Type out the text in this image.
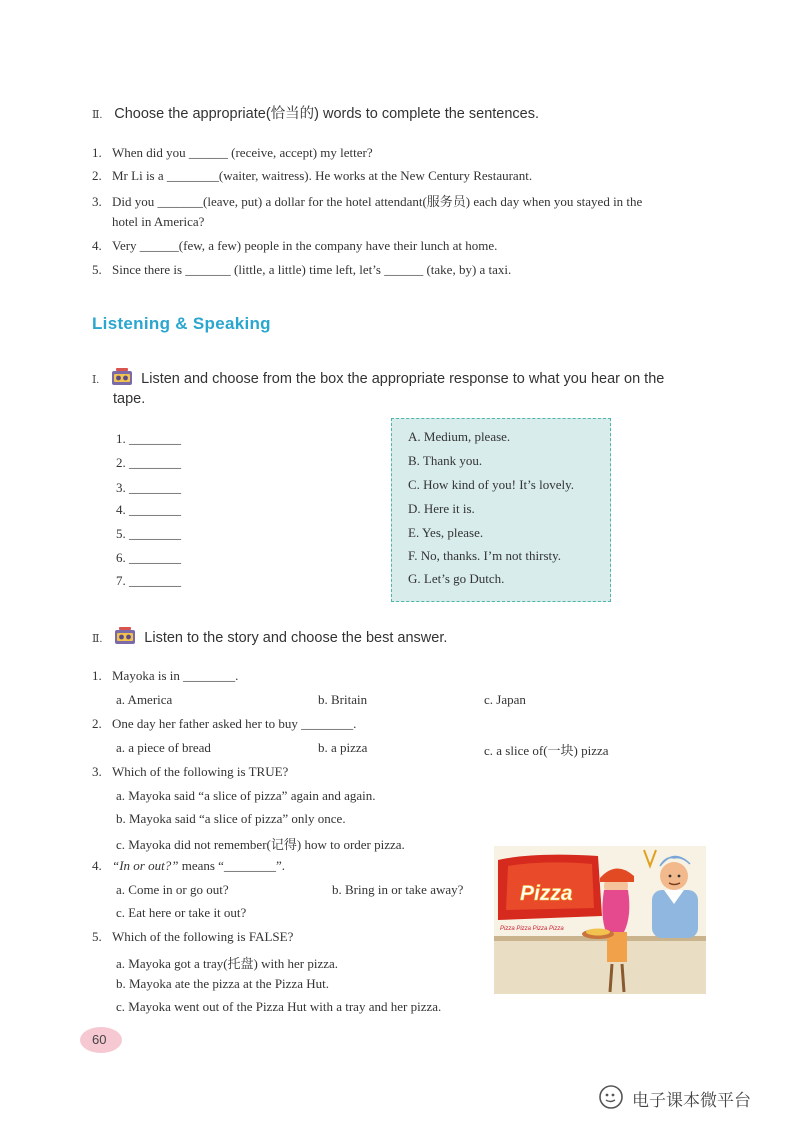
Ⅱ. Choose the appropriate(恰当的) words to complete the sentences.
1. When did you ______ (receive, accept) my letter?
2. Mr Li is a ________(waiter, waitress). He works at the New Century Restaurant.
3. Did you _______(leave, put) a dollar for the hotel attendant(服务员) each day when you stayed in the
hotel in America?
4. Very ______(few, a few) people in the company have their lunch at home.
5. Since there is _______ (little, a little) time left, let’s ______ (take, by) a taxi.
Listening & Speaking
Ⅰ.	Listen and choose from the box the appropriate response to what you hear on the
tape.
1. ________
2. ________
3. ________
4. ________
5. ________
6. ________
7. ________
A. Medium, please.
B. Thank you.
C. How kind of you! It’s lovely.
D. Here it is.
E. Yes, please.
F. No, thanks. I’m not thirsty.
G. Let’s go Dutch.
Ⅱ.	Listen to the story and choose the best answer.
1. Mayoka is in ________.
a. America	b. Britain	c. Japan
2. One day her father asked her to buy ________.
a. a piece of bread	b. a pizza	c. a slice of(一块) pizza
3. Which of the following is TRUE?
a. Mayoka said “a slice of pizza” again and again.
b. Mayoka said “a slice of pizza” only once.
c. Mayoka did not remember(记得) how to order pizza.
4. “In or out?” means “________”.
a. Come in or go out?	b. Bring in or take away?
c. Eat here or take it out?
5. Which of the following is FALSE?
a. Mayoka got a tray(托盘) with her pizza.
b. Mayoka ate the pizza at the Pizza Hut.
c. Mayoka went out of the Pizza Hut with a tray and her pizza.
Pizza
Pizza Pizza Pizza Pizza
60
电子课本微平台
